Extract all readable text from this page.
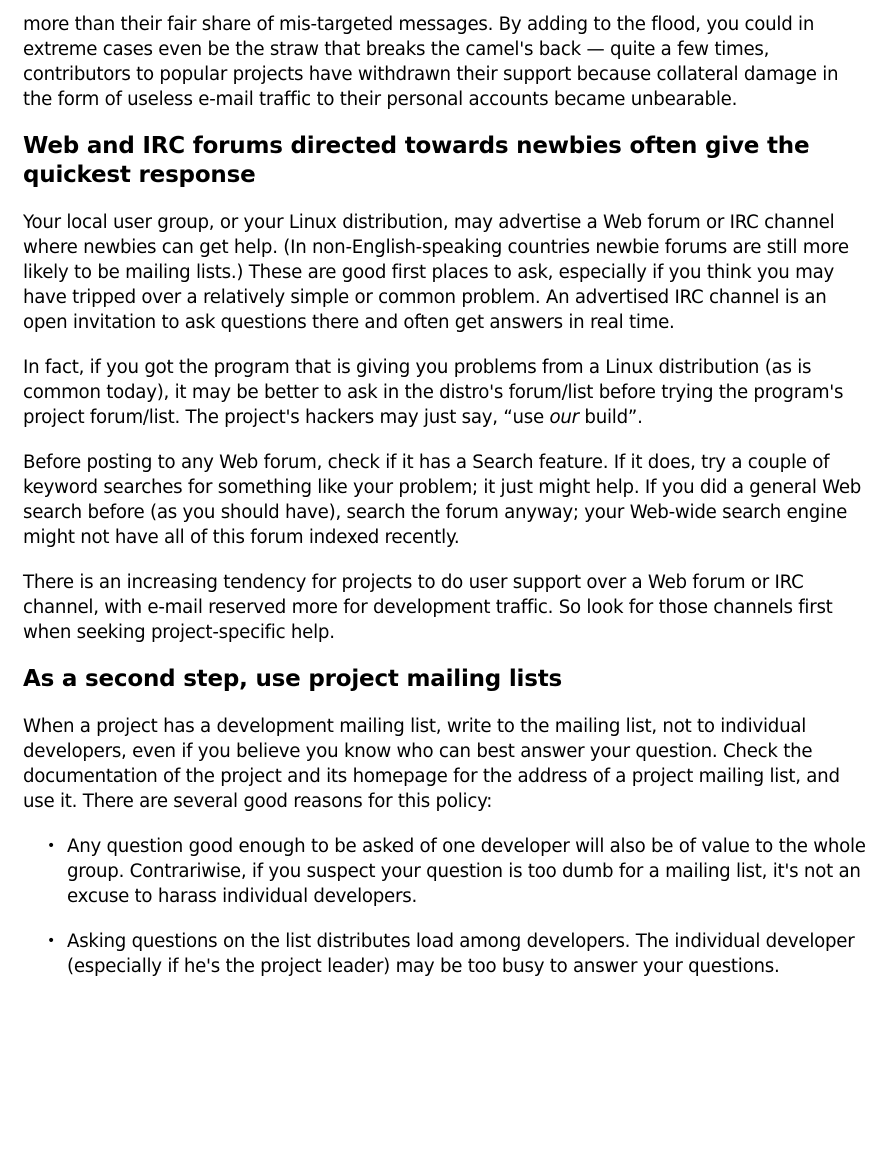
more than their fair share of mis-targeted messages. By adding to the flood, you could in extreme cases even be the straw that breaks the camel's back — quite a few times, contributors to popular projects have withdrawn their support because collateral damage in the form of useless e-mail traffic to their personal accounts became unbearable.

Web and IRC forums directed towards newbies often give the quickest response

Your local user group, or your Linux distribution, may advertise a Web forum or IRC channel where newbies can get help. (In non-English-speaking countries newbie forums are still more likely to be mailing lists.) These are good first places to ask, especially if you think you may have tripped over a relatively simple or common problem. An advertised IRC channel is an open invitation to ask questions there and often get answers in real time.

In fact, if you got the program that is giving you problems from a Linux distribution (as is common today), it may be better to ask in the distro's forum/list before trying the program's project forum/list. The project's hackers may just say, “use our build”.

Before posting to any Web forum, check if it has a Search feature. If it does, try a couple of keyword searches for something like your problem; it just might help. If you did a general Web search before (as you should have), search the forum anyway; your Web-wide search engine might not have all of this forum indexed recently.

There is an increasing tendency for projects to do user support over a Web forum or IRC channel, with e-mail reserved more for development traffic. So look for those channels first when seeking project-specific help.

As a second step, use project mailing lists

When a project has a development mailing list, write to the mailing list, not to individual developers, even if you believe you know who can best answer your question. Check the documentation of the project and its homepage for the address of a project mailing list, and use it. There are several good reasons for this policy:

• Any question good enough to be asked of one developer will also be of value to the whole group. Contrariwise, if you suspect your question is too dumb for a mailing list, it's not an excuse to harass individual developers.
• Asking questions on the list distributes load among developers. The individual developer (especially if he's the project leader) may be too busy to answer your questions.
